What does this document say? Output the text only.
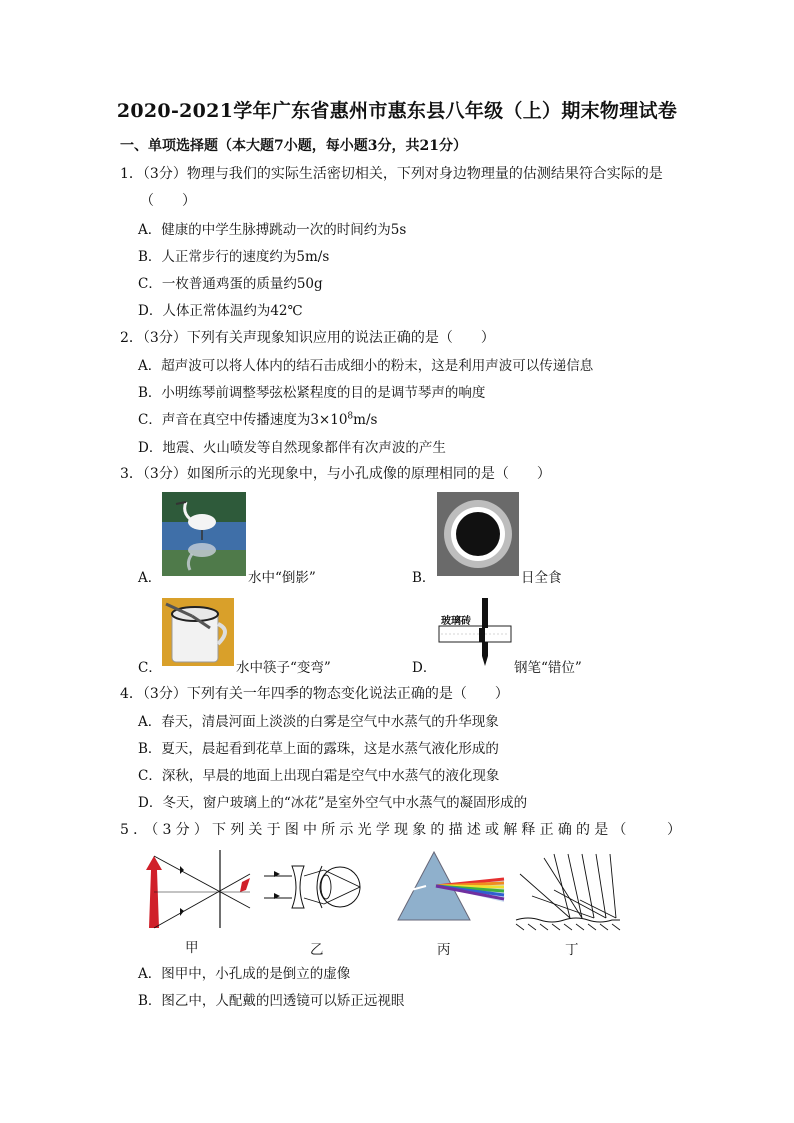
2020-2021学年广东省惠州市惠东县八年级（上）期末物理试卷
一、单项选择题（本大题7小题，每小题3分，共21分）
1．（3分）物理与我们的实际生活密切相关，下列对身边物理量的估测结果符合实际的是
（　　）
A．健康的中学生脉搏跳动一次的时间约为5s
B．人正常步行的速度约为5m/s
C．一枚普通鸡蛋的质量约50g
D．人体正常体温约为42℃
2．（3分）下列有关声现象知识应用的说法正确的是（　　）
A．超声波可以将人体内的结石击成细小的粉末，这是利用声波可以传递信息
B．小明练琴前调整琴弦松紧程度的目的是调节琴声的响度
C．声音在真空中传播速度为$3\times 10^8m/s$
D．地震、火山喷发等自然现象都伴有次声波的产生
3．（3分）如图所示的光现象中，与小孔成像的原理相同的是（　　）
A．	水中“倒影”	B．	日全食
C．	水中筷子“变弯”
玻璃砖
D．	钢笔“错位”
4．（3分）下列有关一年四季的物态变化说法正确的是（　　）
A．春天，清晨河面上淡淡的白雾是空气中水蒸气的升华现象
B．夏天，晨起看到花草上面的露珠，这是水蒸气液化形成的
C．深秋，早晨的地面上出现白霜是空气中水蒸气的液化现象
D．冬天，窗户玻璃上的“冰花”是室外空气中水蒸气的凝固形成的
5．（3分）下列关于图中所示光学现象的描述或解释正确的是（　　）
甲	乙	丙	丁
A．图甲中，小孔成的是倒立的虚像
B．图乙中，人配戴的凹透镜可以矫正远视眼
